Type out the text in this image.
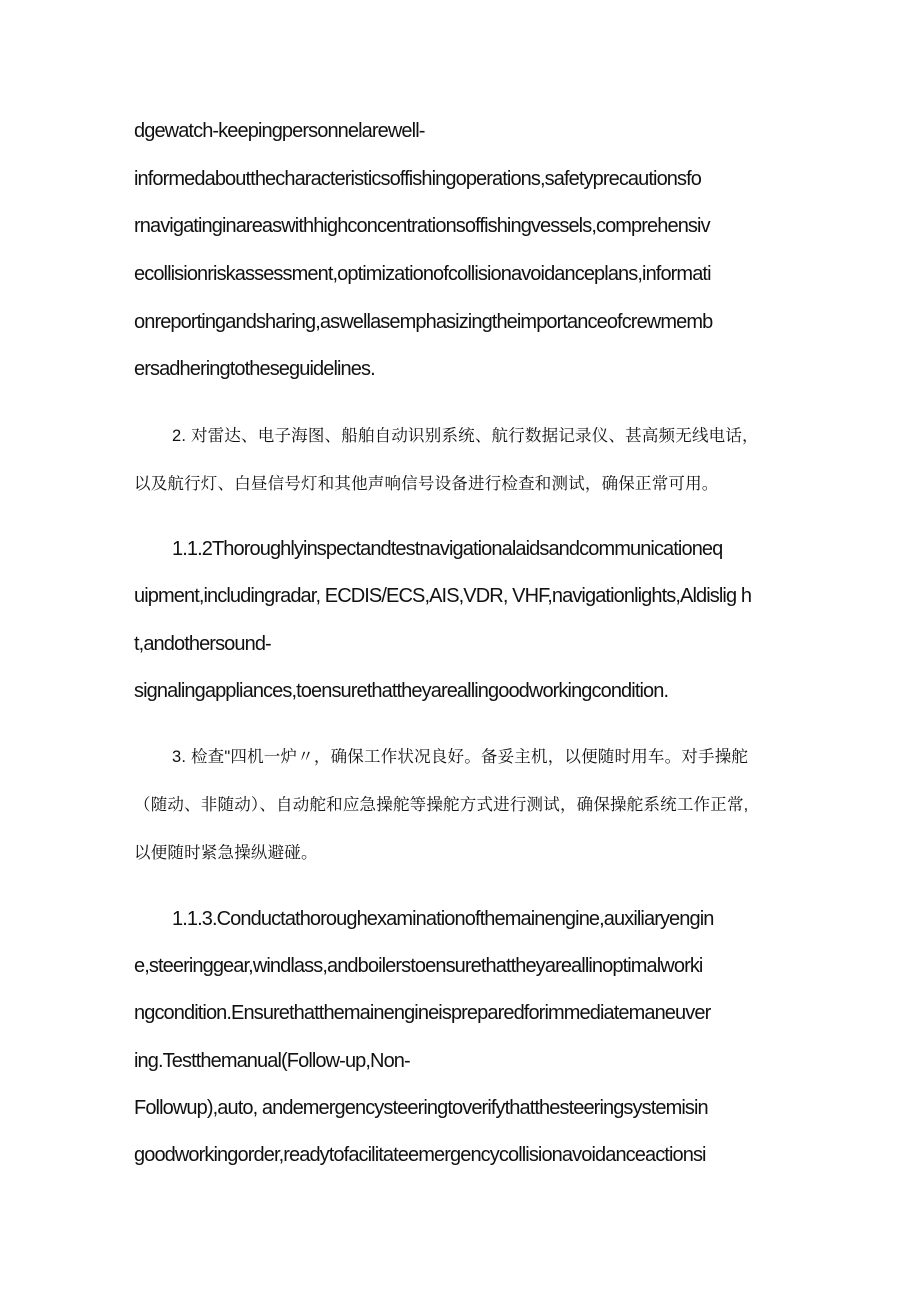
dgewatch-keepingpersonnelarewell-
informedaboutthecharacteristicsoffishingoperations,safetyprecautionsfo
rnavigatinginareaswithhighconcentrationsoffishingvessels,comprehensiv
ecollisionriskassessment,optimizationofcollisionavoidanceplans,informati
onreportingandsharing,aswellasemphasizingtheimportanceofcrewmemb
ersadheringtotheseguidelines.
2. 对雷达、电子海图、船舶自动识别系统、航行数据记录仪、甚高频无线电话，
以及航行灯、白昼信号灯和其他声响信号设备进行检查和测试，确保正常可用。
1.1.2Thoroughlyinspectandtestnavigationalaidsandcommunicationeq
uipment,includingradar, ECDIS/ECS,AIS,VDR, VHF,navigationlights,Aldislig h
t,andothersound-
signalingappliances,toensurethattheyareallingoodworkingcondition.
3. 检查"四机一炉〃，确保工作状况良好。备妥主机，以便随时用车。对手操舵
（随动、非随动）、自动舵和应急操舵等操舵方式进行测试，确保操舵系统工作正常,
以便随时紧急操纵避碰。
1.1.3.Conductathoroughexaminationofthemainengine,auxiliaryengin
e,steeringgear,windlass,andboilerstoensurethattheyareallinoptimalworki
ngcondition.Ensurethatthemainengineispreparedforimmediatemaneuver
ing.Testthemanual(Follow-up,Non-
Followup),auto, andemergencysteeringtoverifythatthesteeringsystemisin
goodworkingorder,readytofacilitateemergencycollisionavoidanceactionsi
